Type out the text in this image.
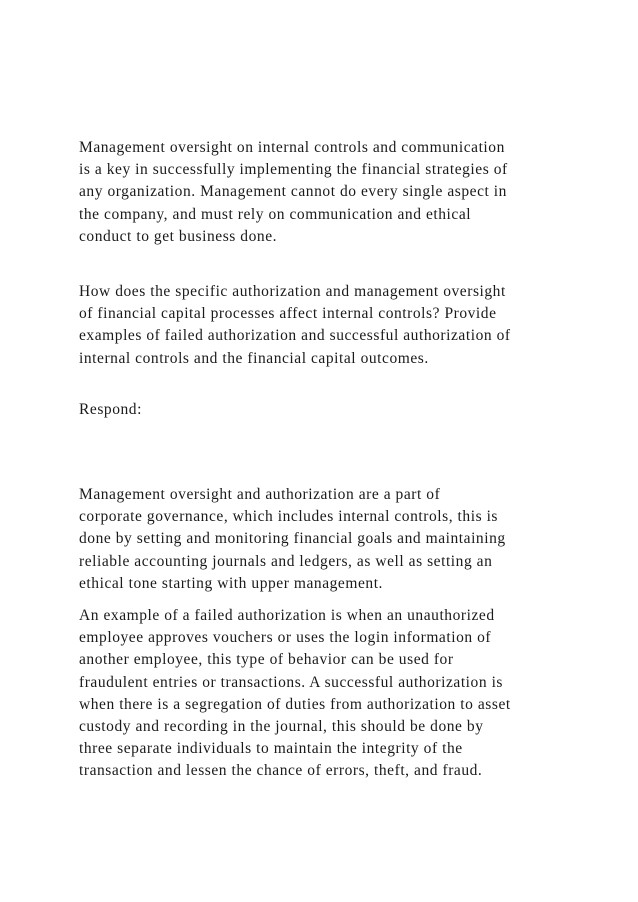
Management oversight on internal controls and communication
is a key in successfully implementing the financial strategies of
any organization. Management cannot do every single aspect in
the company, and must rely on communication and ethical
conduct to get business done.

How does the specific authorization and management oversight
of financial capital processes affect internal controls? Provide
examples of failed authorization and successful authorization of
internal controls and the financial capital outcomes.

Respond:

Management oversight and authorization are a part of
corporate governance, which includes internal controls, this is
done by setting and monitoring financial goals and maintaining
reliable accounting journals and ledgers, as well as setting an
ethical tone starting with upper management.

An example of a failed authorization is when an unauthorized
employee approves vouchers or uses the login information of
another employee, this type of behavior can be used for
fraudulent entries or transactions. A successful authorization is
when there is a segregation of duties from authorization to asset
custody and recording in the journal, this should be done by
three separate individuals to maintain the integrity of the
transaction and lessen the chance of errors, theft, and fraud.
